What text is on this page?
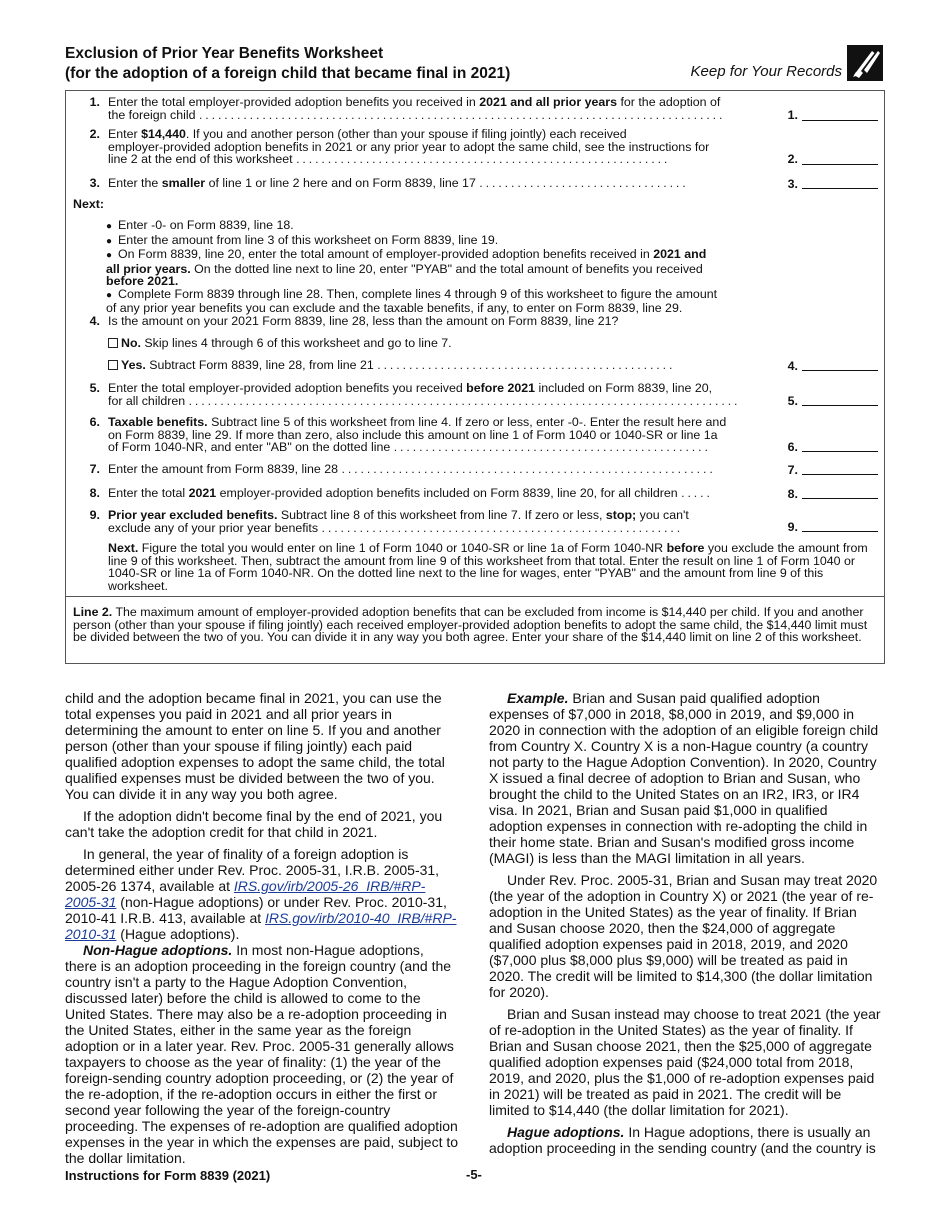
Exclusion of Prior Year Benefits Worksheet
(for the adoption of a foreign child that became final in 2021)	Keep for Your Records
1. Enter the total employer-provided adoption benefits you received in 2021 and all prior years for the adoption of
the foreign child ...................................................................................	1.
2. Enter $14,440. If you and another person (other than your spouse if filing jointly) each received
employer-provided adoption benefits in 2021 or any prior year to adopt the same child, see the instructions for
line 2 at the end of this worksheet ...........................................................	2.
3. Enter the smaller of line 1 or line 2 here and on Form 8839, line 17 .................................	3.
Next:
● Enter -0- on Form 8839, line 18.
● Enter the amount from line 3 of this worksheet on Form 8839, line 19.
● On Form 8839, line 20, enter the total amount of employer-provided adoption benefits received in 2021 and
all prior years. On the dotted line next to line 20, enter "PYAB" and the total amount of benefits you received
before 2021.
● Complete Form 8839 through line 28. Then, complete lines 4 through 9 of this worksheet to figure the amount
of any prior year benefits you can exclude and the taxable benefits, if any, to enter on Form 8839, line 29.
4. Is the amount on your 2021 Form 8839, line 28, less than the amount on Form 8839, line 21?
No. Skip lines 4 through 6 of this worksheet and go to line 7.
Yes. Subtract Form 8839, line 28, from line 21 ...............................................	4.
5. Enter the total employer-provided adoption benefits you received before 2021 included on Form 8839, line 20,
for all children .......................................................................................	5.
6. Taxable benefits. Subtract line 5 of this worksheet from line 4. If zero or less, enter -0-. Enter the result here and
on Form 8839, line 29. If more than zero, also include this amount on line 1 of Form 1040 or 1040-SR or line 1a
of Form 1040-NR, and enter "AB" on the dotted line ..................................................	6.
7. Enter the amount from Form 8839, line 28 ...........................................................	7.
8. Enter the total 2021 employer-provided adoption benefits included on Form 8839, line 20, for all children .....	8.
9. Prior year excluded benefits. Subtract line 8 of this worksheet from line 7. If zero or less, stop; you can't
exclude any of your prior year benefits .........................................................	9.
Next. Figure the total you would enter on line 1 of Form 1040 or 1040-SR or line 1a of Form 1040-NR before you exclude the amount from line 9 of this worksheet. Then, subtract the amount from line 9 of this worksheet from that total. Enter the result on line 1 of Form 1040 or 1040-SR or line 1a of Form 1040-NR. On the dotted line next to the line for wages, enter "PYAB" and the amount from line 9 of this worksheet.
Line 2. The maximum amount of employer-provided adoption benefits that can be excluded from income is $14,440 per child. If you and another person (other than your spouse if filing jointly) each received employer-provided adoption benefits to adopt the same child, the $14,440 limit must be divided between the two of you. You can divide it in any way you both agree. Enter your share of the $14,440 limit on line 2 of this worksheet.

child and the adoption became final in 2021, you can use the total expenses you paid in 2021 and all prior years in determining the amount to enter on line 5. If you and another person (other than your spouse if filing jointly) each paid qualified adoption expenses to adopt the same child, the total qualified expenses must be divided between the two of you. You can divide it in any way you both agree.

If the adoption didn't become final by the end of 2021, you can't take the adoption credit for that child in 2021.

In general, the year of finality of a foreign adoption is determined either under Rev. Proc. 2005-31, I.R.B. 2005-31, 2005-26 1374, available at IRS.gov/irb/2005-26_IRB/#RP-2005-31 (non-Hague adoptions) or under Rev. Proc. 2010-31, 2010-41 I.R.B. 413, available at IRS.gov/irb/2010-40_IRB/#RP-2010-31 (Hague adoptions).

Non-Hague adoptions. In most non-Hague adoptions, there is an adoption proceeding in the foreign country (and the country isn't a party to the Hague Adoption Convention, discussed later) before the child is allowed to come to the United States. There may also be a re-adoption proceeding in the United States, either in the same year as the foreign adoption or in a later year. Rev. Proc. 2005-31 generally allows taxpayers to choose as the year of finality: (1) the year of the foreign-sending country adoption proceeding, or (2) the year of the re-adoption, if the re-adoption occurs in either the first or second year following the year of the foreign-country proceeding. The expenses of re-adoption are qualified adoption expenses in the year in which the expenses are paid, subject to the dollar limitation.

Example. Brian and Susan paid qualified adoption expenses of $7,000 in 2018, $8,000 in 2019, and $9,000 in 2020 in connection with the adoption of an eligible foreign child from Country X. Country X is a non-Hague country (a country not party to the Hague Adoption Convention). In 2020, Country X issued a final decree of adoption to Brian and Susan, who brought the child to the United States on an IR2, IR3, or IR4 visa. In 2021, Brian and Susan paid $1,000 in qualified adoption expenses in connection with re-adopting the child in their home state. Brian and Susan's modified gross income (MAGI) is less than the MAGI limitation in all years.

Under Rev. Proc. 2005-31, Brian and Susan may treat 2020 (the year of the adoption in Country X) or 2021 (the year of re-adoption in the United States) as the year of finality. If Brian and Susan choose 2020, then the $24,000 of aggregate qualified adoption expenses paid in 2018, 2019, and 2020 ($7,000 plus $8,000 plus $9,000) will be treated as paid in 2020. The credit will be limited to $14,300 (the dollar limitation for 2020).

Brian and Susan instead may choose to treat 2021 (the year of re-adoption in the United States) as the year of finality. If Brian and Susan choose 2021, then the $25,000 of aggregate qualified adoption expenses paid ($24,000 total from 2018, 2019, and 2020, plus the $1,000 of re-adoption expenses paid in 2021) will be treated as paid in 2021. The credit will be limited to $14,440 (the dollar limitation for 2021).

Hague adoptions. In Hague adoptions, there is usually an adoption proceeding in the sending country (and the country is

Instructions for Form 8839 (2021)	-5-
